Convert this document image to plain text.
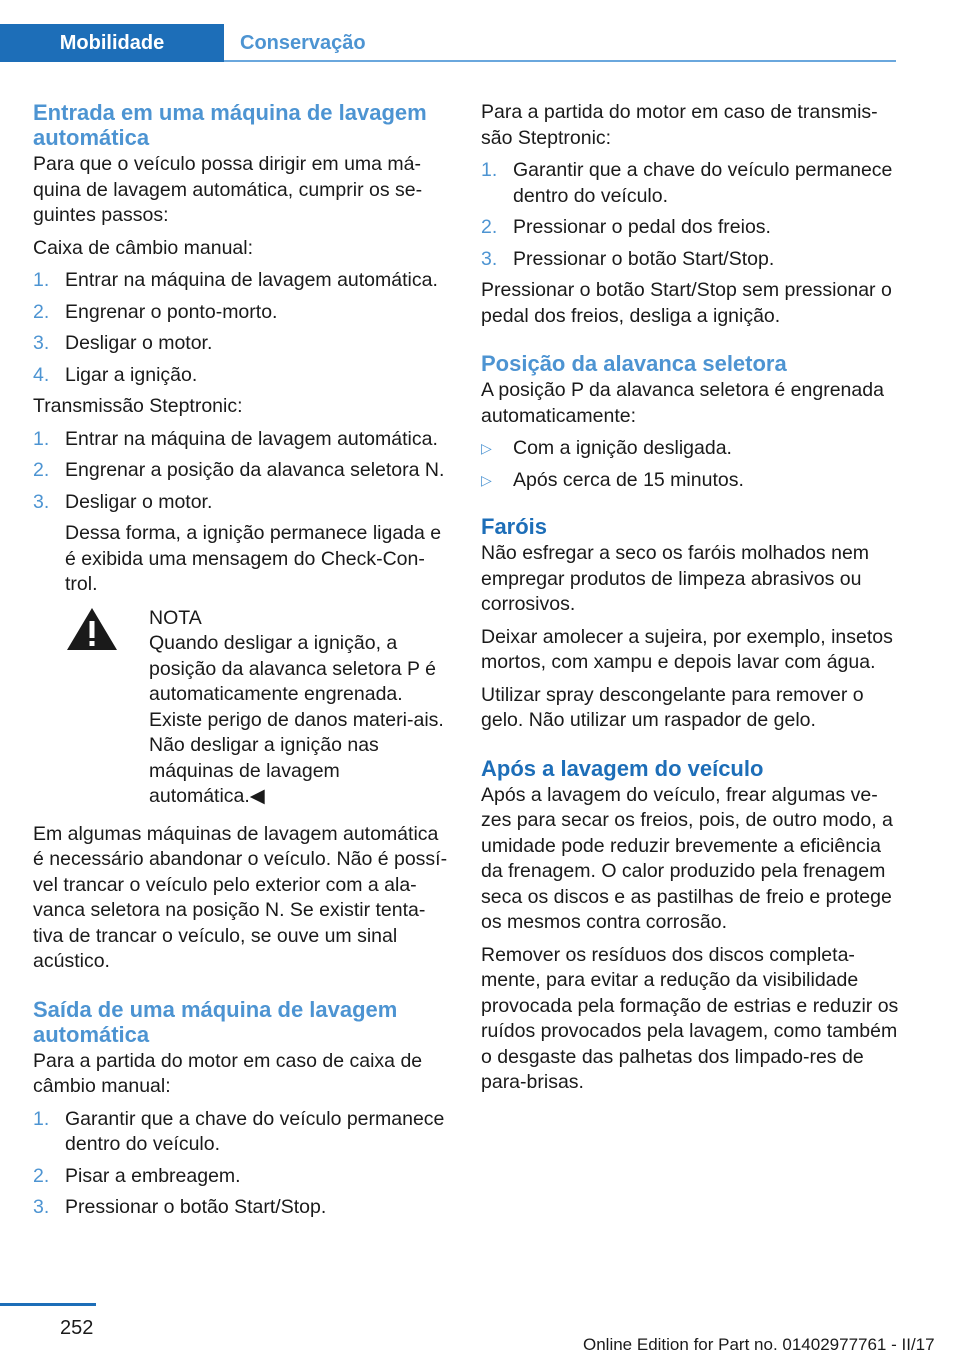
Mobilidade	Conservação
Entrada em uma máquina de lavagem automática

Para que o veículo possa dirigir em uma má‐quina de lavagem automática, cumprir os se‐guintes passos:

Caixa de câmbio manual:

1. Entrar na máquina de lavagem automática.
2. Engrenar o ponto-morto.
3. Desligar o motor.
4. Ligar a ignição.

Transmissão Steptronic:

1. Entrar na máquina de lavagem automática.
2. Engrenar a posição da alavanca seletora N.
3. Desligar o motor.
Dessa forma, a ignição permanece ligada e é exibida uma mensagem do Check-Con‐trol.
NOTA
Quando desligar a ignição, a posição da alavanca seletora P é automaticamente engrenada. Existe perigo de danos materi‐ais. Não desligar a ignição nas máquinas de lavagem automática.◀

Em algumas máquinas de lavagem automática é necessário abandonar o veículo. Não é possí‐vel trancar o veículo pelo exterior com a ala‐vanca seletora na posição N. Se existir tenta‐tiva de trancar o veículo, se ouve um sinal acústico.

Saída de uma máquina de lavagem automática

Para a partida do motor em caso de caixa de câmbio manual:

1. Garantir que a chave do veículo permanece dentro do veículo.
2. Pisar a embreagem.
3. Pressionar o botão Start/Stop.

Para a partida do motor em caso de transmis‐são Steptronic:

1. Garantir que a chave do veículo permanece dentro do veículo.
2. Pressionar o pedal dos freios.
3. Pressionar o botão Start/Stop.

Pressionar o botão Start/Stop sem pressionar o pedal dos freios, desliga a ignição.

Posição da alavanca seletora

A posição P da alavanca seletora é engrenada automaticamente:

▷ Com a ignição desligada.
▷ Após cerca de 15 minutos.
Faróis

Não esfregar a seco os faróis molhados nem empregar produtos de limpeza abrasivos ou corrosivos.

Deixar amolecer a sujeira, por exemplo, insetos mortos, com xampu e depois lavar com água.

Utilizar spray descongelante para remover o gelo. Não utilizar um raspador de gelo.

Após a lavagem do veículo

Após a lavagem do veículo, frear algumas ve‐zes para secar os freios, pois, de outro modo, a umidade pode reduzir brevemente a eficiência da frenagem. O calor produzido pela frenagem seca os discos e as pastilhas de freio e protege os mesmos contra corrosão.

Remover os resíduos dos discos completa‐mente, para evitar a redução da visibilidade provocada pela formação de estrias e reduzir os ruídos provocados pela lavagem, como também o desgaste das palhetas dos limpado‐res de para-brisas.

252
Online Edition for Part no. 01402977761 - II/17
